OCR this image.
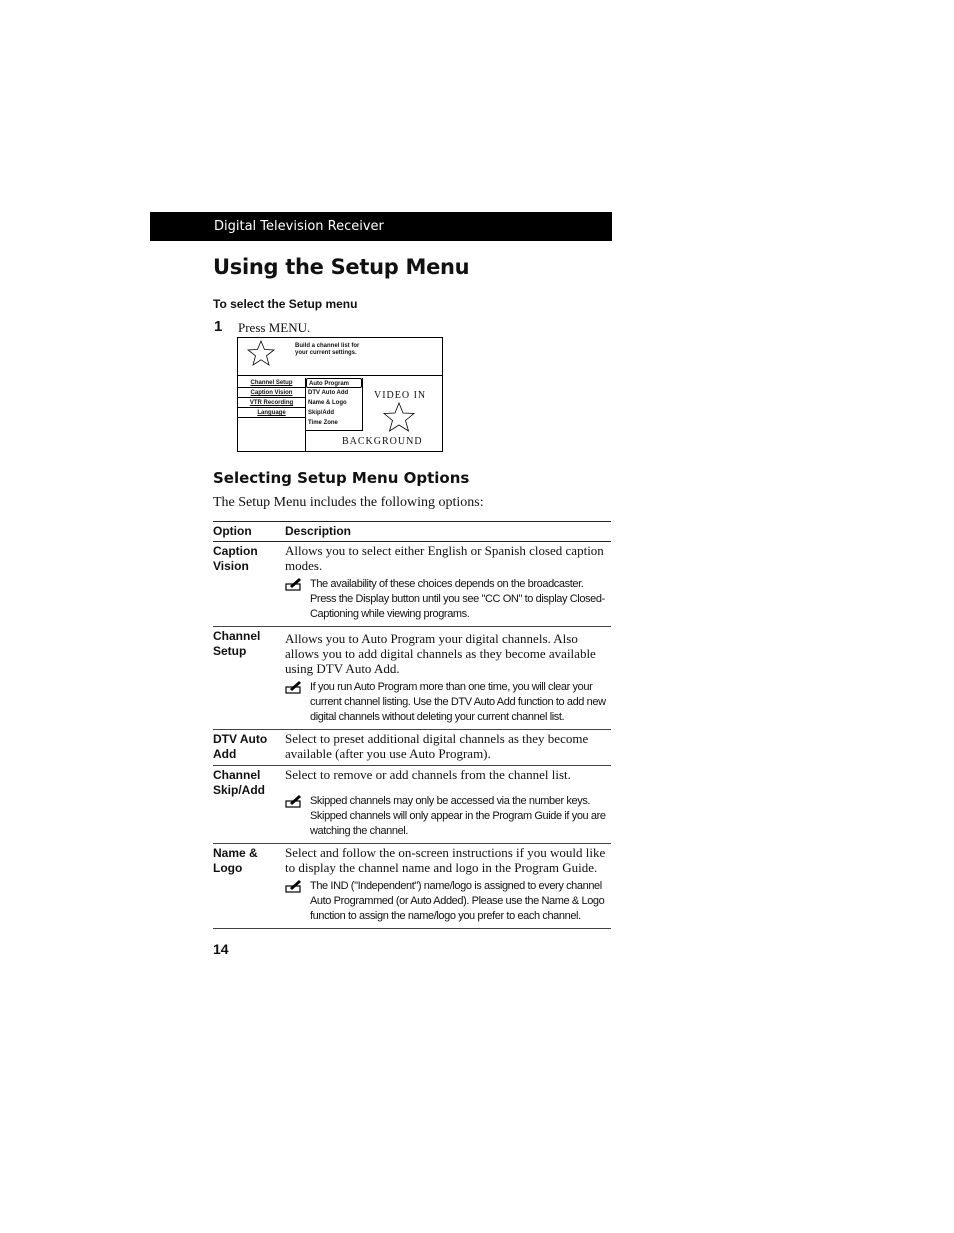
Digital Television Receiver
Using the Setup Menu
To select the Setup menu
1 Press MENU.
Build a channel list for
your current settings.
Channel Setup
Caption Vision
VTR Recording
Language
Auto Program
DTV Auto Add
Name & Logo
Skip/Add
Time Zone
VIDEO IN
BACKGROUND
Selecting Setup Menu Options
The Setup Menu includes the following options:
Option	Description
Caption
Vision
Allows you to select either English or Spanish closed caption modes.
The availability of these choices depends on the broadcaster. Press the Display button until you see "CC ON" to display Closed-Captioning while viewing programs.
Channel
Setup
Allows you to Auto Program your digital channels. Also allows you to add digital channels as they become available using DTV Auto Add.
If you run Auto Program more than one time, you will clear your current channel listing. Use the DTV Auto Add function to add new digital channels without deleting your current channel list.
DTV Auto
Add
Select to preset additional digital channels as they become available (after you use Auto Program).
Channel
Skip/Add
Select to remove or add channels from the channel list.
Skipped channels may only be accessed via the number keys. Skipped channels will only appear in the Program Guide if you are watching the channel.
Name &
Logo
Select and follow the on-screen instructions if you would like to display the channel name and logo in the Program Guide.
The IND ("Independent") name/logo is assigned to every channel Auto Programmed (or Auto Added). Please use the Name & Logo function to assign the name/logo you prefer to each channel.
14
